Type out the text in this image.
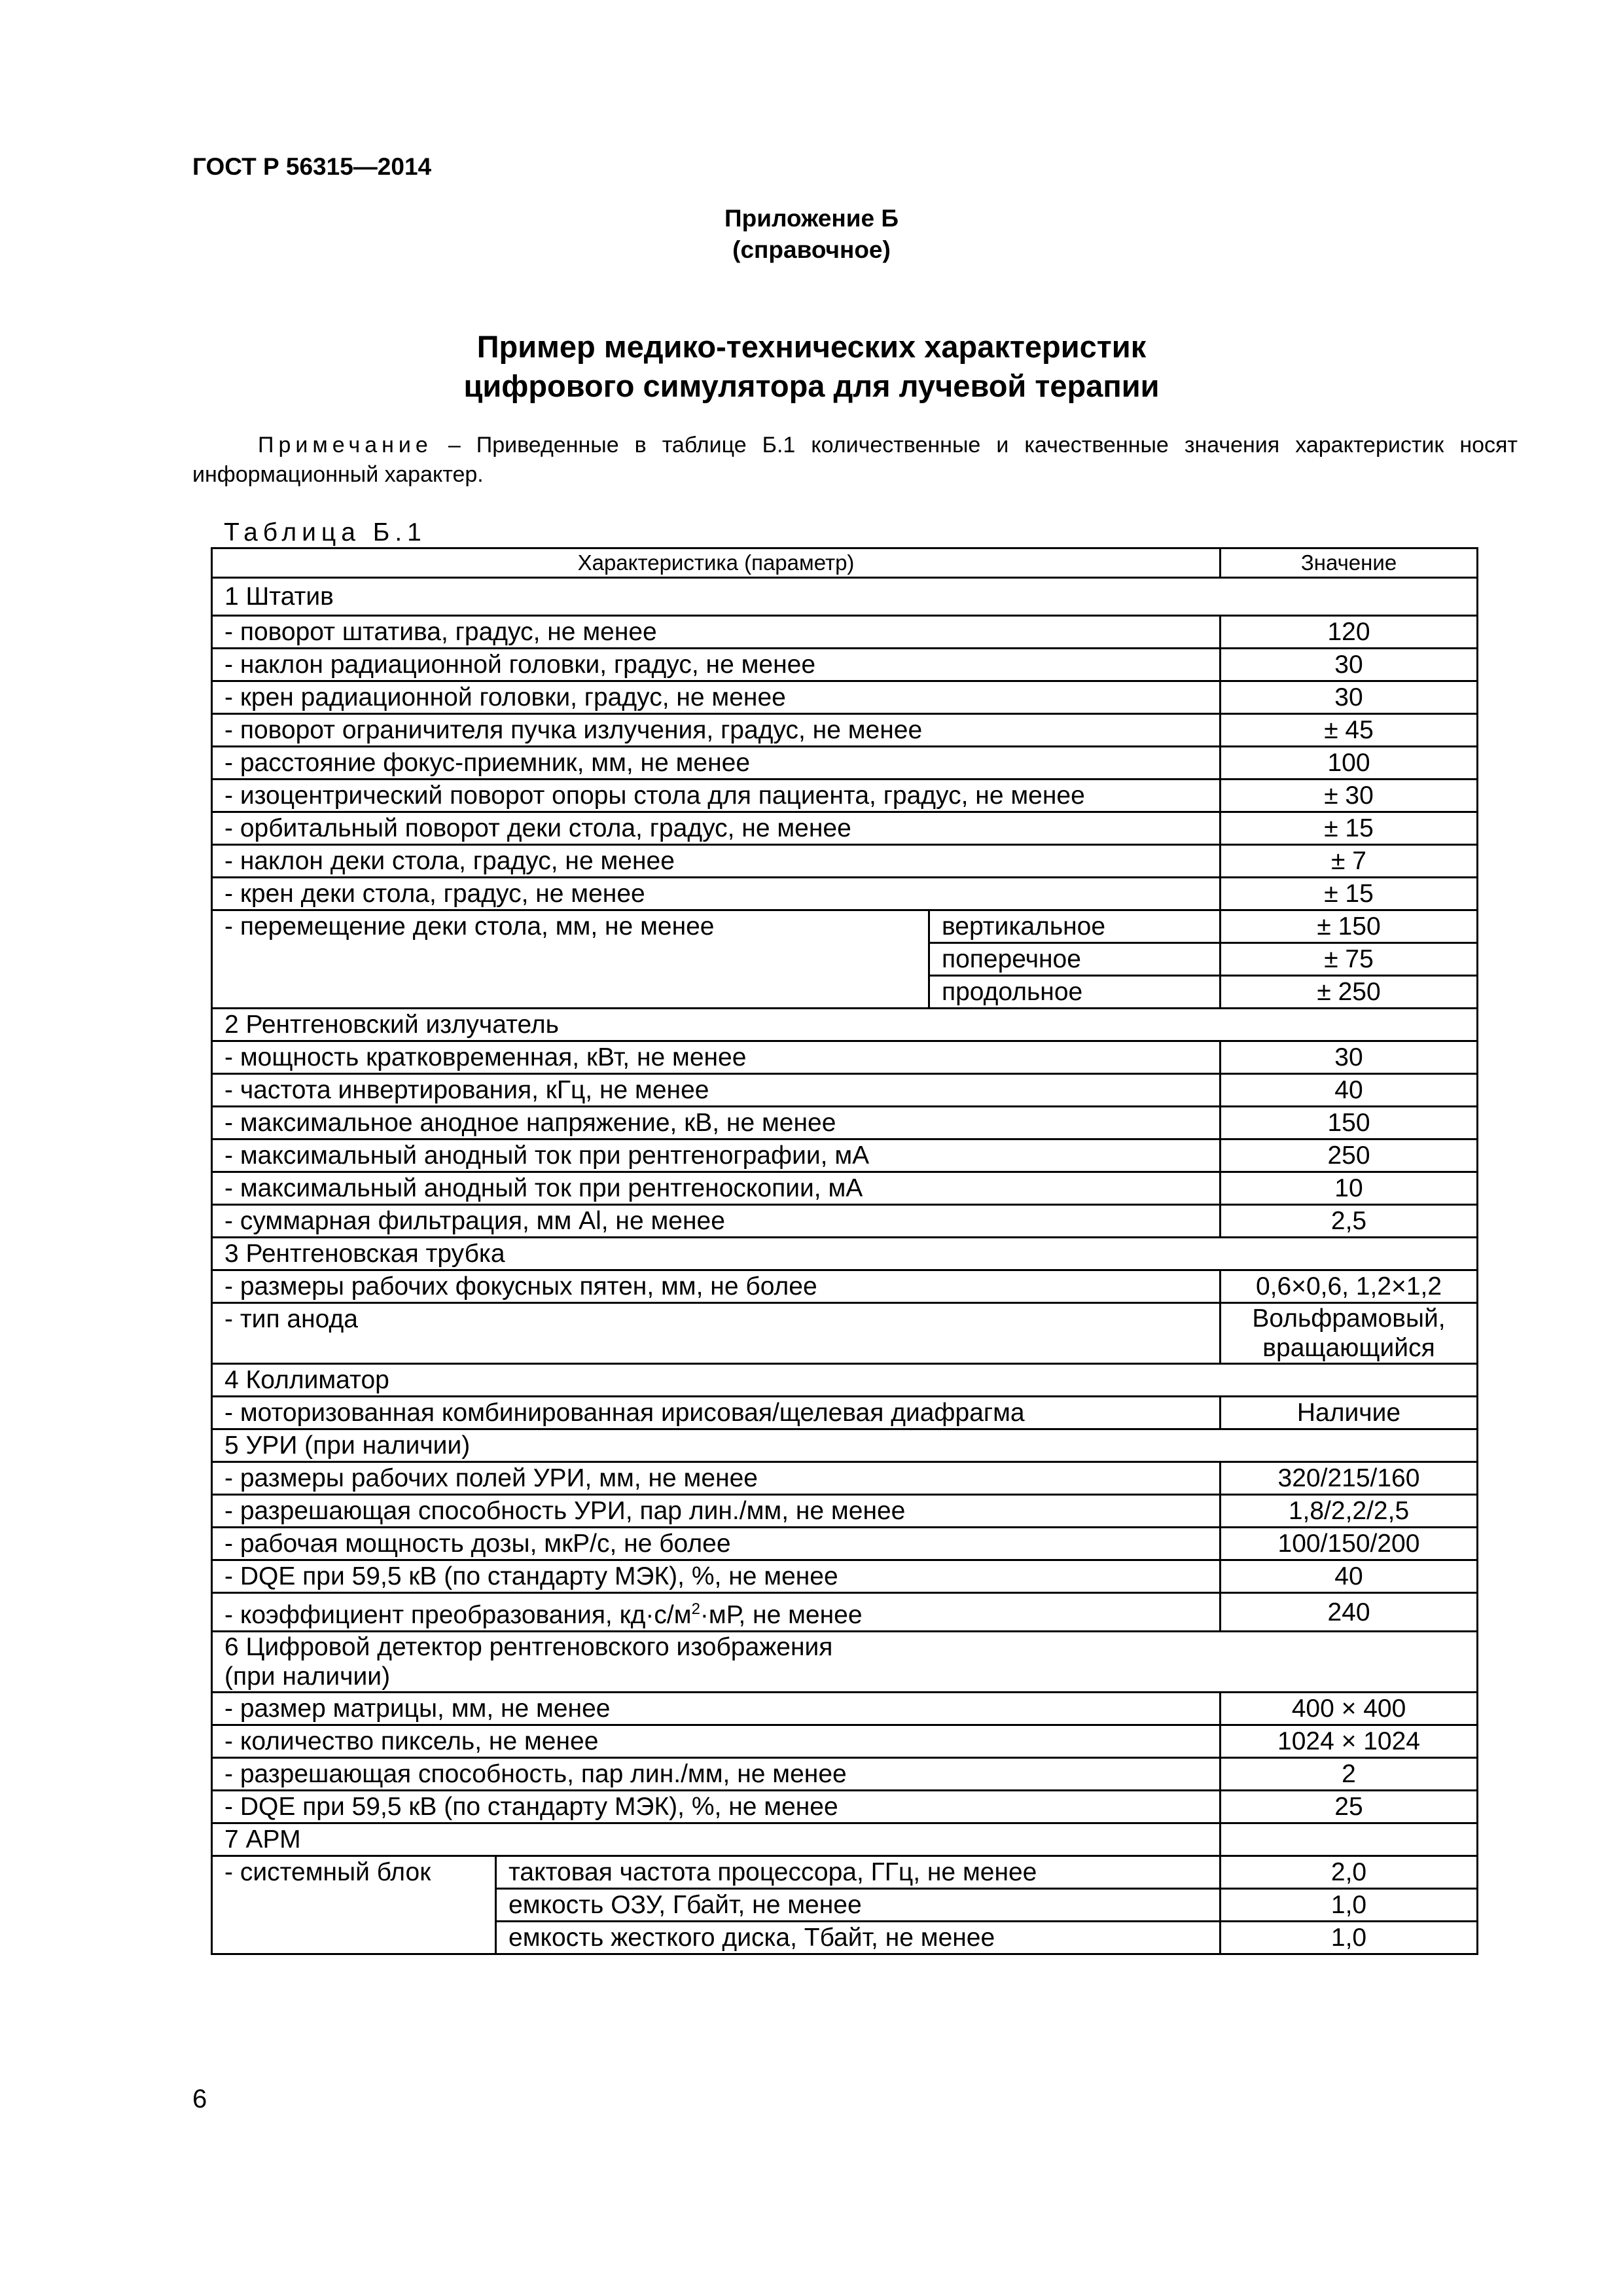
ГОСТ Р 56315—2014
Приложение Б
(справочное)
Пример медико-технических характеристик
цифрового симулятора для лучевой терапии
Примечание – Приведенные в таблице Б.1 количественные и качественные значения характеристик носят информационный характер.
Таблица Б.1
Характеристика (параметр)			Значение
1 Штатив			
- поворот штатива, градус, не менее			120
- наклон радиационной головки, градус, не менее			30
- крен радиационной головки, градус, не менее			30
- поворот ограничителя пучка излучения, градус, не менее			± 45
- расстояние фокус-приемник, мм, не менее			100
- изоцентрический поворот опоры стола для пациента, градус, не менее			± 30
- орбитальный поворот деки стола, градус, не менее			± 15
- наклон деки стола, градус, не менее			± 7
- крен деки стола, градус, не менее			± 15
- перемещение деки стола, мм, не менее		вертикальное	± 150
		поперечное	± 75
		продольное	± 250
2 Рентгеновский излучатель			
- мощность кратковременная, кВт, не менее			30
- частота инвертирования, кГц, не менее			40
- максимальное анодное напряжение, кВ, не менее			150
- максимальный анодный ток при рентгенографии, мА			250
- максимальный анодный ток при рентгеноскопии, мА			10
- суммарная фильтрация, мм Al, не менее			2,5
3 Рентгеновская трубка			
- размеры рабочих фокусных пятен, мм, не более			0,6×0,6, 1,2×1,2
- тип анода			Вольфрамовый,
вращающийся

4 Коллиматор			
- моторизованная комбинированная ирисовая/щелевая диафрагма			Наличие
5 УРИ (при наличии)			
- размеры рабочих полей УРИ, мм, не менее			320/215/160
- разрешающая способность УРИ, пар лин./мм, не менее			1,8/2,2/2,5
- рабочая мощность дозы, мкР/с, не более			100/150/200
- DQE при 59,5 кВ (по стандарту МЭК), %, не менее			40
- коэффициент преобразования, $кд\cdot с/м^2\cdot мР$, не менее			240

6 Цифровой детектор рентгеновского изображения
(при наличии)			

- размер матрицы, мм, не менее			400 × 400
- количество пиксель, не менее			1024 × 1024
- разрешающая способность, пар лин./мм, не менее			2
- DQE при 59,5 кВ (по стандарту МЭК), %, не менее			25
7 АРМ			
- системный блок	тактовая частота процессора, ГГц, не менее		2,0
	емкость ОЗУ, Гбайт, не менее		1,0
	емкость жесткого диска, Тбайт, не менее		1,0
6
